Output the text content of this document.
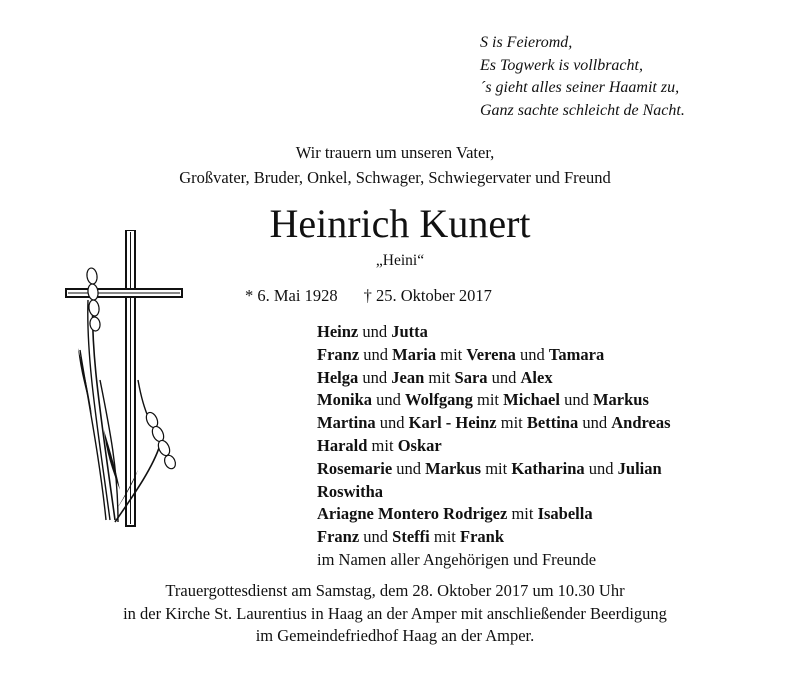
S is Feieromd,
Es Togwerk is vollbracht,
´s gieht alles seiner Haamit zu,
Ganz sachte schleicht de Nacht.
Wir trauern um unseren Vater,
Großvater, Bruder, Onkel, Schwager, Schwiegervater und Freund
Heinrich Kunert
„Heini“
* 6. Mai 1928 † 25. Oktober 2017
Heinz und Jutta
Franz und Maria mit Verena und Tamara
Helga und Jean mit Sara und Alex
Monika und Wolfgang mit Michael und Markus
Martina und Karl - Heinz mit Bettina und Andreas
Harald mit Oskar
Rosemarie und Markus mit Katharina und Julian
Roswitha
Ariagne Montero Rodrigez mit Isabella
Franz und Steffi mit Frank
im Namen aller Angehörigen und Freunde
Trauergottesdienst am Samstag, dem 28. Oktober 2017 um 10.30 Uhr
in der Kirche St. Laurentius in Haag an der Amper mit anschließender Beerdigung
im Gemeindefriedhof Haag an der Amper.
